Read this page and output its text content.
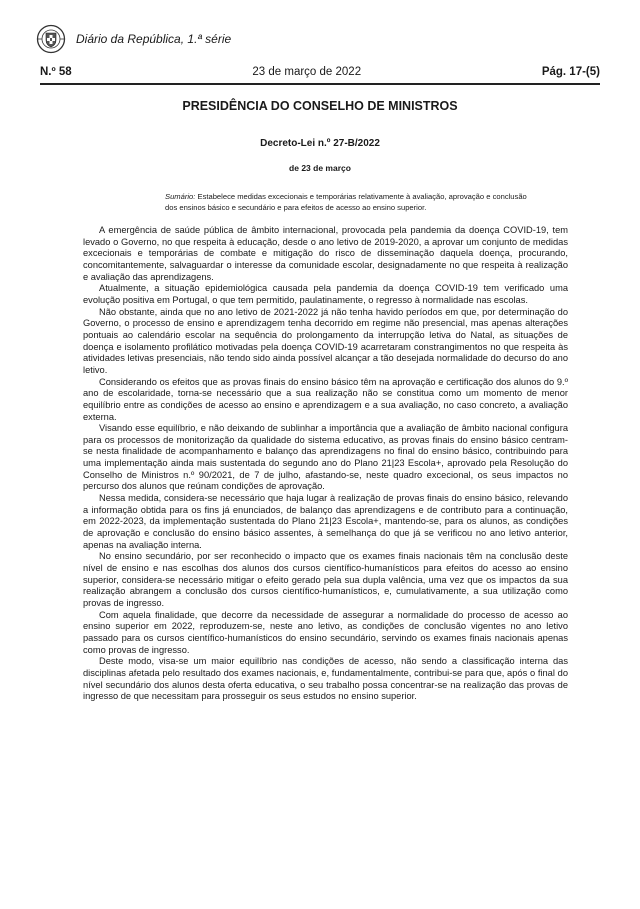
Diário da República, 1.ª série
N.º 58	23 de março de 2022	Pág. 17-(5)
PRESIDÊNCIA DO CONSELHO DE MINISTROS
Decreto-Lei n.º 27-B/2022
de 23 de março
Sumário: Estabelece medidas excecionais e temporárias relativamente à avaliação, aprovação e conclusão dos ensinos básico e secundário e para efeitos de acesso ao ensino superior.

A emergência de saúde pública de âmbito internacional, provocada pela pandemia da doença COVID-19, tem levado o Governo, no que respeita à educação, desde o ano letivo de 2019-2020, a aprovar um conjunto de medidas excecionais e temporárias de combate e mitigação do risco de disseminação daquela doença, procurando, concomitantemente, salvaguardar o interesse da comunidade escolar, designadamente no que respeita à realização e avaliação das aprendizagens.

Atualmente, a situação epidemiológica causada pela pandemia da doença COVID-19 tem verificado uma evolução positiva em Portugal, o que tem permitido, paulatinamente, o regresso à normalidade nas escolas.

Não obstante, ainda que no ano letivo de 2021-2022 já não tenha havido períodos em que, por determinação do Governo, o processo de ensino e aprendizagem tenha decorrido em regime não presencial, mas apenas alterações pontuais ao calendário escolar na sequência do prolongamento da interrupção letiva do Natal, as situações de doença e isolamento profilático motivadas pela doença COVID-19 acarretaram constrangimentos no que respeita às atividades letivas presenciais, não tendo sido ainda possível alcançar a tão desejada normalidade do decurso do ano letivo.

Considerando os efeitos que as provas finais do ensino básico têm na aprovação e certificação dos alunos do 9.º ano de escolaridade, torna-se necessário que a sua realização não se constitua como um momento de menor equilíbrio entre as condições de acesso ao ensino e aprendizagem e a sua avaliação, no caso concreto, a avaliação externa.

Visando esse equilíbrio, e não deixando de sublinhar a importância que a avaliação de âmbito nacional configura para os processos de monitorização da qualidade do sistema educativo, as provas finais do ensino básico centram-se nesta finalidade de acompanhamento e balanço das aprendizagens no final do ensino básico, contribuindo para uma implementação ainda mais sustentada do segundo ano do Plano 21|23 Escola+, aprovado pela Resolução do Conselho de Ministros n.º 90/2021, de 7 de julho, afastando-se, neste quadro excecional, os seus impactos no percurso dos alunos que reúnam condições de aprovação.

Nessa medida, considera-se necessário que haja lugar à realização de provas finais do ensino básico, relevando a informação obtida para os fins já enunciados, de balanço das aprendizagens e de contributo para a continuação, em 2022-2023, da implementação sustentada do Plano 21|23 Escola+, mantendo-se, para os alunos, as condições de aprovação e conclusão do ensino básico assentes, à semelhança do que já se verificou no ano letivo anterior, apenas na avaliação interna.

No ensino secundário, por ser reconhecido o impacto que os exames finais nacionais têm na conclusão deste nível de ensino e nas escolhas dos alunos dos cursos científico-humanísticos para efeitos do acesso ao ensino superior, considera-se necessário mitigar o efeito gerado pela sua dupla valência, uma vez que os impactos da sua realização abrangem a conclusão dos cursos científico-humanísticos, e, cumulativamente, a sua utilização como provas de ingresso.

Com aquela finalidade, que decorre da necessidade de assegurar a normalidade do processo de acesso ao ensino superior em 2022, reproduzem-se, neste ano letivo, as condições de conclusão vigentes no ano letivo passado para os cursos científico-humanísticos do ensino secundário, servindo os exames finais nacionais apenas como provas de ingresso.

Deste modo, visa-se um maior equilíbrio nas condições de acesso, não sendo a classificação interna das disciplinas afetada pelo resultado dos exames nacionais, e, fundamentalmente, contribui-se para que, após o final do nível secundário dos alunos desta oferta educativa, o seu trabalho possa concentrar-se na realização das provas de ingresso de que necessitam para prosseguir os seus estudos no ensino superior.
